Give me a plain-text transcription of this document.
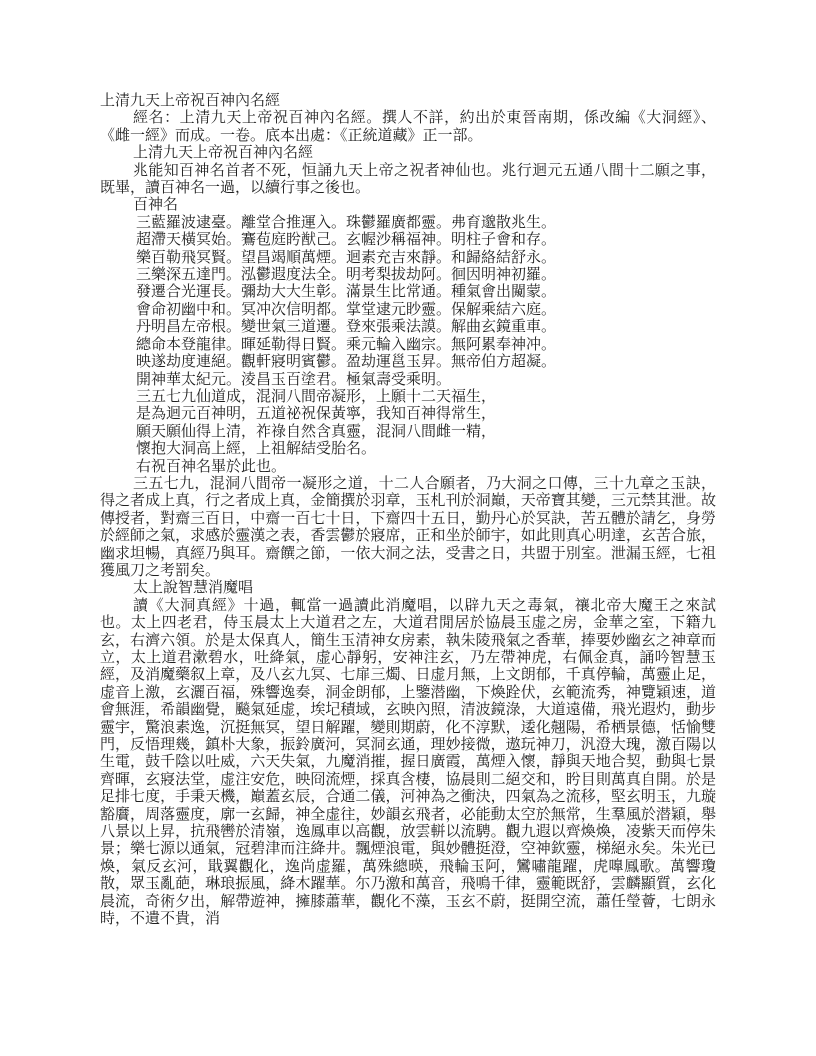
上清九天上帝祝百神內名經

經名：上清九天上帝祝百神內名經。撰人不詳，約出於東晉南期，係改編《大洞經》、《雌一經》而成。一卷。底本出處：《正統道藏》正一部。

上清九天上帝祝百神內名經

兆能知百神名首者不死，恒誦九天上帝之祝者神仙也。兆行迴元五通八間十二願之事，既畢，讀百神名一過，以續行事之後也。

百神名

三藍羅波逮臺。離堂合推運入。珠鬱羅廣都靈。弗育邈散兆生。

超滯天橫冥始。鶱苞庭盻猷己。玄幄沙稱福神。明柱子會和存。

樂百勒飛冥賢。望昌竭順萬煙。迴素充吉來靜。和歸絡結舒永。

三樂深五達門。泓鬱遐度法全。明考梨拔劫阿。徊因明神初羅。

發遷合光運長。彌劫大大生彰。滿景生比常通。種氣會出闚蒙。

會命初幽中和。冥冲次信明都。掌堂逮元眇靈。保解乘結六庭。

丹明昌左帝根。變世氣三道遷。登來張乘法謨。解曲玄鏡重車。

總命本登龍律。暉延勒得日賢。乘元輪入幽宗。無阿累奉神冲。

映遂劫度連絕。觀軒寢明賓鬱。盈劫運邕玉昇。無帝伯方超凝。

開神華太紀元。淩昌玉百塗君。極氣壽受乘明。

三五七九仙道成，混洞八間帝凝形，上願十二天福生，

是為迴元百神明，五道祕祝保黃寧，我知百神得常生，

願天願仙得上清，祚祿自然含真靈，混洞八間雌一精，

懷抱大洞高上經，上祖解結受胎名。

右祝百神名畢於此也。

三五七九，混洞八間帝一凝形之道，十二人合願者，乃大洞之口傳，三十九章之玉訣，得之者成上真，行之者成上真，金簡撰於羽章，玉札刊於洞巔，天帝寶其變，三元禁其泄。故傳授者，對齋三百日，中齋一百七十日，下齋四十五日，勤丹心於冥訣，苦五體於請乞，身勞於經師之氣，求感於靈漢之表，香雲鬱於寢席，正和坐於師宇，如此則真心明達，玄苦合旅，幽求坦暢，真經乃與耳。齋饌之節，一依大洞之法，受書之日，共盟于別室。泄漏玉經，七祖獲風刀之考罰矣。

太上說智慧消魔唱

讀《大洞真經》十過，輒當一過讀此消魔唱，以辟九天之毒氣，禳北帝大魔王之來試也。太上四老君，侍玉晨太上大道君之左，大道君閒居於協晨玉虚之房，金華之室，下籍九玄，右濟六領。於是太保真人，簡生玉清神女房素，執朱陵飛氣之香華，捧要妙幽玄之神章而立，太上道君漱碧水，吐絳氣，虚心靜躬，安神注玄，乃左帶神虎，右佩金真，誦吟智慧玉經，及消魔藥叙上章，及八玄九冥、七扉三燭、日虚月無，上文朗郁，千真停輪，萬靈止足，虚音上激，玄灑百福，殊響逸奏，洞金朗郁，上鑒潜幽，下煥跧伏，玄範流秀，神覽穎速，道會無涯，希韻幽覺，飈氣延虚，埃圮積域，玄映內照，清波鏡淥，大道遠備，飛光遐灼，動步靈宇，驚浪素逸，沉挺無冥，望日解躍，變則期蔚，化不淳默，逶化翹陽，希栖景德，恬愉雙門，反悟理幾，鎮朴大象，振鈴廣河，冥洞玄通，理妙接微，遨玩神刀，汎澄大瑰，激百陽以生電，鼓千陰以吐威，六天失氣，九魔消摧，握日廣霞，萬煙入懷，靜與天地合契，動與七景齊暉，玄寢法堂，虚注安危，映冏流煙，採真含棲，協晨則二絕交和，盻目則萬真自開。於是足排七度，手秉天機，巔蓋玄辰，合通二儀，河神為之衝決，四氣為之流移，堅玄明玉，九璇豁黂，周落靈度，廓一玄歸，神全虚往，妙韻玄飛者，必能動太空於無常，生羣風於潜穎，舉八景以上昇，抗飛轡於清嶺，逸鳳車以高觀，放雲軿以流騁。觀九遐以齊煥煥，凌紫天而停朱景；樂七源以通氣，冠碧津而注絳井。飄煙浪電，與妙體挺澄，空神欽靈，梯絕永矣。朱光已煥，氣反玄河，戢翼觀化，逸尚虚羅，萬殊總暎，飛輪玉阿，鸞嘯龍躍，虎嘷鳳歌。萬響瓊散，眾玉亂葩，琳琅振風，絳木躍華。尓乃激和萬音，飛鳴千律，靈範既舒，雲麟顯質，玄化晨流，奇術夕出，解帶遊神，擁膝蕭華，觀化不藻，玉玄不蔚，挺開空流，蕭任瑩薈，七朗永時，不遺不貴，消
